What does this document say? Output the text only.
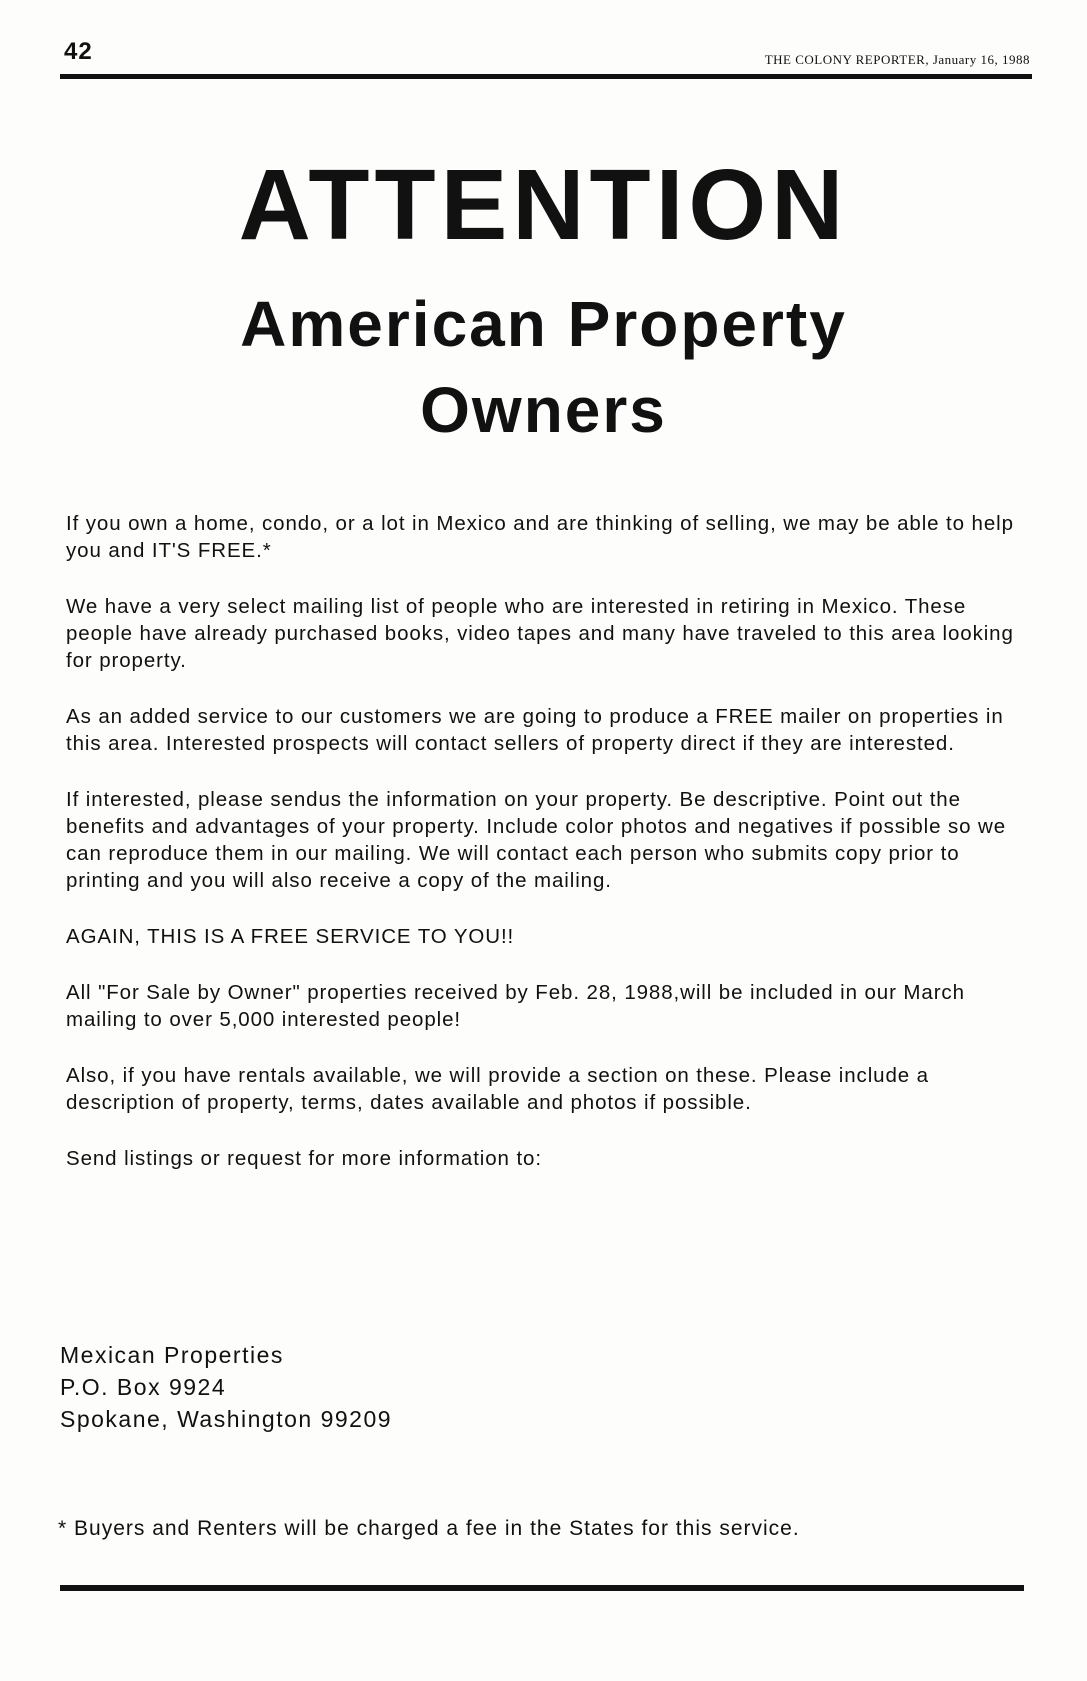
42	THE COLONY REPORTER, January 16, 1988
ATTENTION
American Property
Owners

If you own a home, condo, or a lot in Mexico and are thinking of selling, we may be able to help you and IT'S FREE.*

We have a very select mailing list of people who are interested in retiring in Mexico. These people have already purchased books, video tapes and many have traveled to this area looking for property.

As an added service to our customers we are going to produce a FREE mailer on properties in this area. Interested prospects will contact sellers of property direct if they are interested.

If interested, please sendus the information on your property. Be descriptive. Point out the benefits and advantages of your property. Include color photos and negatives if possible so we can reproduce them in our mailing. We will contact each person who submits copy prior to printing and you will also receive a copy of the mailing.

AGAIN, THIS IS A FREE SERVICE TO YOU!!

All "For Sale by Owner" properties received by Feb. 28, 1988,will be included in our March mailing to over 5,000 interested people!

Also, if you have rentals available, we will provide a section on these. Please include a description of property, terms, dates available and photos if possible.

Send listings or request for more information to:

Mexican Properties
P.O. Box 9924
Spokane, Washington 99209
* Buyers and Renters will be charged a fee in the States for this service.
